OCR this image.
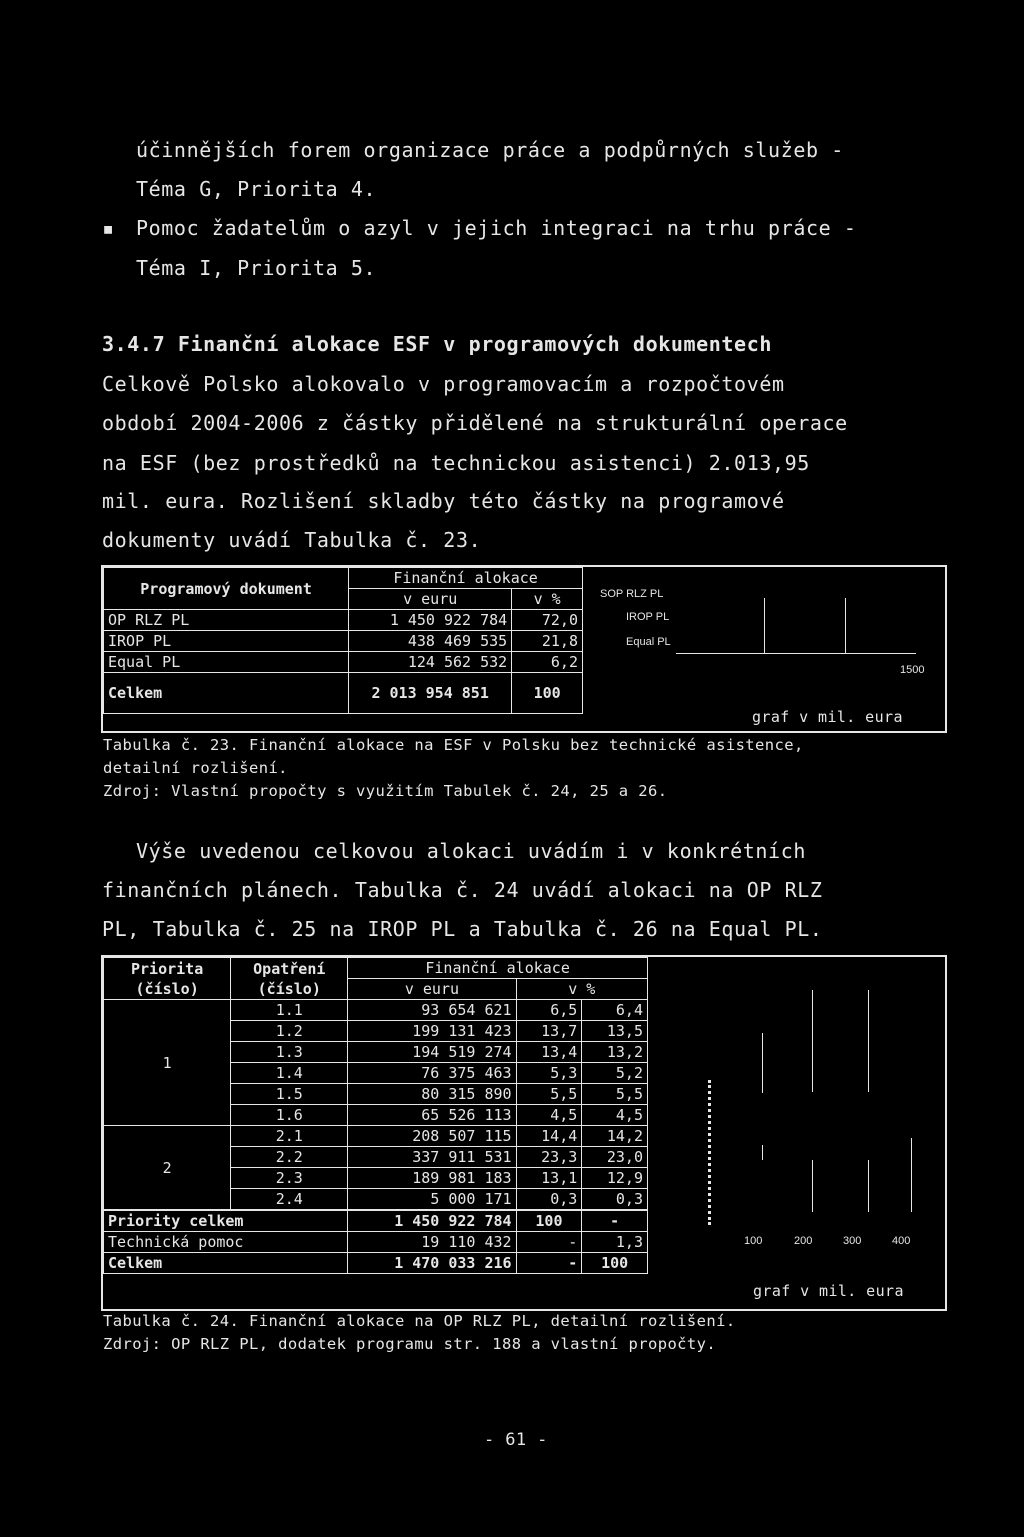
účinnějších forem organizace práce a podpůrných služeb -
Téma G, Priorita 4.
▪ Pomoc žadatelům o azyl v jejich integraci na trhu práce -
Téma I, Priorita 5.
3.4.7 Finanční alokace ESF v programových dokumentech
Celkově Polsko alokovalo v programovacím a rozpočtovém
období 2004-2006 z částky přidělené na strukturální operace
na ESF (bez prostředků na technickou asistenci) 2.013,95
mil. eura. Rozlišení skladby této částky na programové
dokumenty uvádí Tabulka č. 23.
Programový dokument	Finanční alokace	
	v euru	v %
OP RLZ PL	1 450 922 784	72,0
IROP PL	438 469 535	21,8
Equal PL	124 562 532	6,2
Celkem	2 013 954 851	100
SOP RLZ PL
IROP PL
Equal PL
1500
graf v mil. eura
Tabulka č. 23. Finanční alokace na ESF v Polsku bez technické asistence,
detailní rozlišení.
Zdroj: Vlastní propočty s využitím Tabulek č. 24, 25 a 26.
Výše uvedenou celkovou alokaci uvádím i v konkrétních
finančních plánech. Tabulka č. 24 uvádí alokaci na OP RLZ
PL, Tabulka č. 25 na IROP PL a Tabulka č. 26 na Equal PL.
Priorita
(číslo)	Opatření
(číslo)	Finanční alokace		
		v euru	v %	
1	1.1	93 654 621	6,5	6,4
	1.2	199 131 423	13,7	13,5
	1.3	194 519 274	13,4	13,2
	1.4	76 375 463	5,3	5,2
	1.5	80 315 890	5,5	5,5
	1.6	65 526 113	4,5	4,5
2	2.1	208 507 115	14,4	14,2
	2.2	337 911 531	23,3	23,0
	2.3	189 981 183	13,1	12,9
	2.4	5 000 171	0,3	0,3
Priority celkem		1 450 922 784	100	-
Technická pomoc		19 110 432	-	1,3
Celkem		1 470 033 216	-	100
100	200	300	400
graf v mil. eura
Tabulka č. 24. Finanční alokace na OP RLZ PL, detailní rozlišení.
Zdroj: OP RLZ PL, dodatek programu str. 188 a vlastní propočty.
- 61 -
